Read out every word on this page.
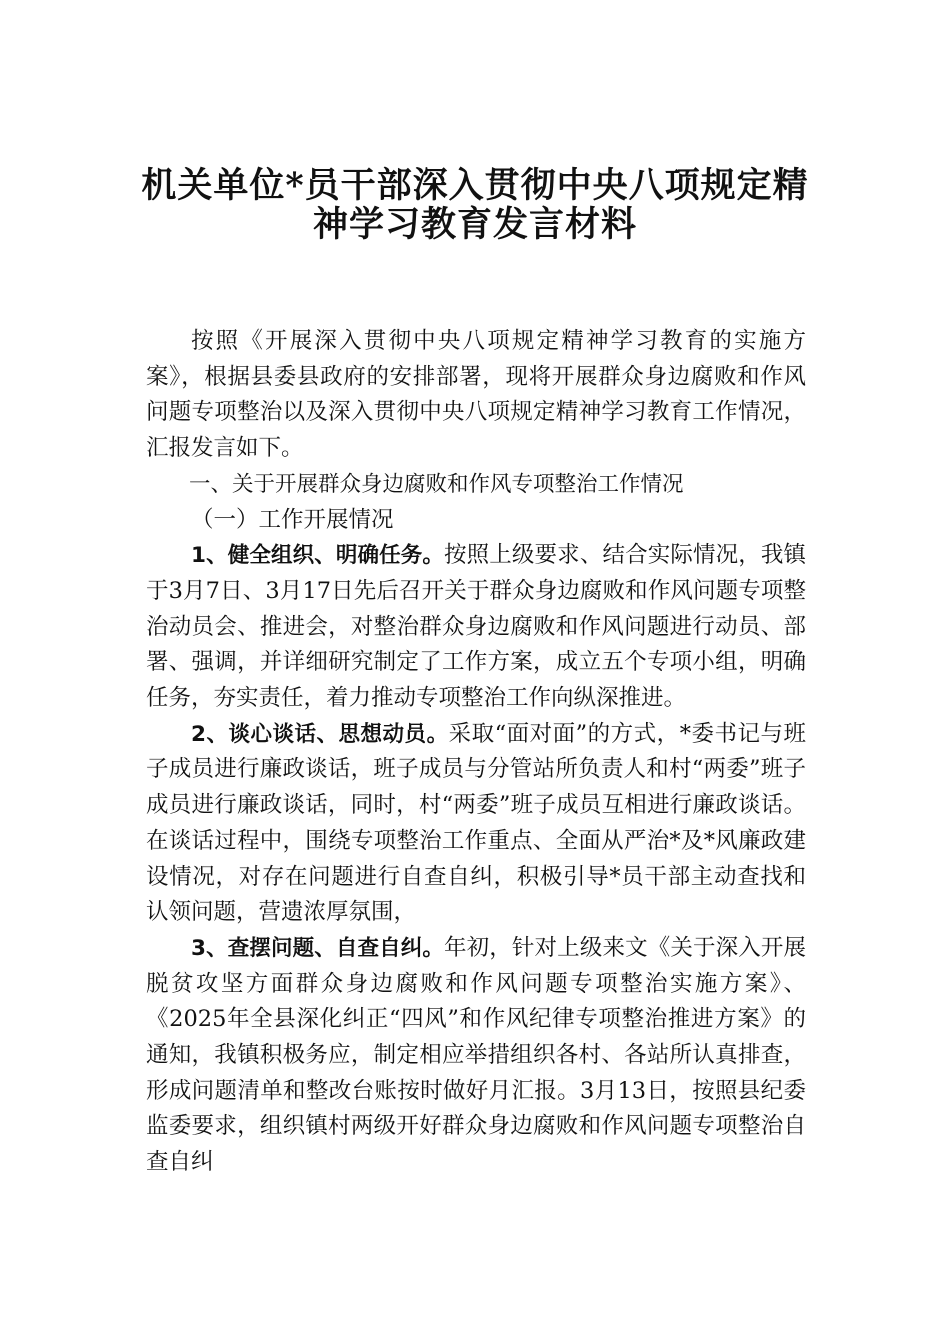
机关单位*员干部深入贯彻中央八项规定精
神学习教育发言材料

按照《开展深入贯彻中央八项规定精神学习教育的实施方案》，根据县委县政府的安排部署，现将开展群众身边腐败和作风问题专项整治以及深入贯彻中央八项规定精神学习教育工作情况，汇报发言如下。

一、关于开展群众身边腐败和作风专项整治工作情况

（一）工作开展情况

1、健全组织、明确任务。按照上级要求、结合实际情况，我镇于3月7日、3月17日先后召开关于群众身边腐败和作风问题专项整治动员会、推进会，对整治群众身边腐败和作风问题进行动员、部署、强调，并详细研究制定了工作方案，成立五个专项小组，明确任务，夯实责任，着力推动专项整治工作向纵深推进。

2、谈心谈话、思想动员。采取“面对面”的方式，*委书记与班子成员进行廉政谈话，班子成员与分管站所负责人和村“两委”班子成员进行廉政谈话，同时，村“两委”班子成员互相进行廉政谈话。在谈话过程中，围绕专项整治工作重点、全面从严治*及*风廉政建设情况，对存在问题进行自查自纠，积极引导*员干部主动查找和认领问题，营遗浓厚氛围，

3、查摆问题、自查自纠。年初，针对上级来文《关于深入开展脱贫攻坚方面群众身边腐败和作风问题专项整治实施方案》、《2025年全县深化纠正“四风”和作风纪律专项整治推进方案》的通知，我镇积极务应，制定相应举措组织各村、各站所认真排查，形成问题清单和整改台账按时做好月汇报。3月13日，按照县纪委监委要求，组织镇村两级开好群众身边腐败和作风问题专项整治自查自纠
